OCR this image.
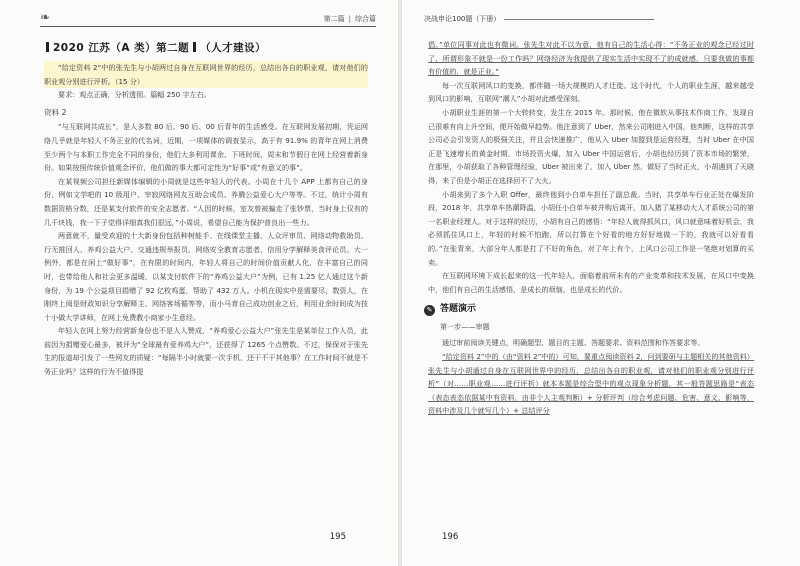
❧	第二篇 | 综合篇
2020 江苏（A 类）第二题 （人才建设）

“给定资料 2”中的张先生与小胡两过自身在互联网世界的经历，总结出各自的职业观，请对他们的职业观分别进行评析。（15 分）

要求：观点正确，分析透彻。篇幅 250 字左右。

资料 2

“与互联网共成长”，是人多数 80 后、90 后、00 后青年的生活感受。在互联网发展初期，凭运网络几乎就是年轻人不务正业的代名词，近期，一项媒体的调查显示，高于有 91.9% 的青年在网上消费至少两个与本职工作完全不同的身份，他们大多利用课余、下班时间、周末和节假日在网上经营着新身份。如果按照传统价值观念评价，他们做的事大都可定性为“好事”或“有意义的事”。

在某视频公司担任新媒体编辑的小周就是这些年轻人的代表。小周在十几个 APP 上都有自己的身份，例如文学吧的 10 级用户、宰寂网络网友互助会成员、养腾公益爱心大户等等。不过，统计小周有数据资格分数，还是某支付软件的安全志愿者。“人因的时候，室友曾被骗走了张钞票，当时身上仅有的几千块钱，我一下子觉得详细真我们很远，”小周说，希望自己能为保护普良出一些力。

两意就不，量受欢迎的十大新身份包括种树能手、在线课堂主播、人众评审员、网络动物救助员、行无推回人、养鸡公益大户、交通违规举报员、网络安全教育志愿者、信用分学解释美食评论员。大一例外，都是在闲上“做好事”，在有限的时间内，年轻人将自己的时间价值贡献人化，在丰富自己的同时，也带给他人和社会更多温暖，以某支付软件下的“养鸡公益大户”为例，已有 1.25 亿人通过这个新身份，为 19 个公益项目捐赠了 92 亿枚鸡蛋，帮助了 432 万人。小机在现实中是需要尽，数资人，在刚终上阅是财政知识分享解释主、网络客场循等等，而小马育自己成功创业之后，利用业余时间成为技十小做大学讲师，在网上免费教小商家小生意经。

年轻人在网上努力经营新身份也不是人人赞成，“养鸡爱心公益大户”张先生是某单位工作人员，此前因为捐赠爱心最多，被评为“全球最有爱养鸡大户”，还获得了 1265 个点赞数。不过，保保对于张先生的报道却引发了一些网友的质疑：“每隔半小时就要一次手机，还干不干其他事？在工作时间不就是不务正业吗？这样的行为不值得提

195
决战申论100题（下册）

倡。”单位同事对此也有微词。张先生对此不以为意，他有自己的生活心得：“不务正业的观念已经过时了，所谓形象不就是一份工作吗？网络经济为我提供了现实生活中实现不了的成就感，只要我做的事都有价值的，就是正业。”

每一次互联网风口的变换，都伴随一场大规模的人才迁徙。这个时代，个人的职业生涯，越来越受到风口的影响，互联网“潮人”小胡对此感受深刻。

小胡职业生涯的第一个大转转变，发生在 2015 年。那时候，他在微软从事技术作商工作，发现自己很难有向上升空间，便开始做早趋势。他注意到了 Uber，然来公司刚进入中国，他判断，这样的共享公司必会引发资人的极强关注，并且会快速推广，他从入 Uber 加盟到是运营经理，当时 Uber 在中国正是飞速增长的黄金时期，市场投资火爆，加入 Uber 中国运营后，小胡也经历到了资本市场的繁荣，在那里，小胡获取了各种管理经验，Uber 被出来了，加入 Uber 然，做好了当时正火，小胡遇到了天晓得，来了但是小胡正在选择回不了大火。

小胡来到了多个入职 Offer，最终他到小白单车担任了副总裁。当时，共享单车行业正处在爆发阶段，2018 年，共享单车热潮降温，小胡任小白单车被并购后离开，加入猪了某移动大人才系统公司的第一名职业经理人。对于这样的经历，小胡有自己的感悟：“年轻人就得抓风口，风口就意味着好机会，我必须抓住风口上，年轻的时候不怕跑，所以打算在个好看的地方好好地做一下的，我就可以好看看的。”在张青来，大部分年人都是打了不好的角色，对了年上有个，上风口公司工作是一笔绝对划算的买卖。

在互联网环境下成长起来的这一代年轻人，面临着前所未有的产业变革和技术发展，在风口中变换中，他们有自己的生活感悟，是成长的烦恼，也是成长的代价。

✎ 答题演示
第一步——审题

通过审前阅读关键点，明确题型、题目的主题、答题要求、资料范围和作答要求等。

“给定资料 2”中的（由“资料 2”中的）可知，要重点阅读资料 2，问到要研与主题相关的其他资料）张先生与小胡通过自身在互联网世界中的经历，总结出各自的职业观，请对他们的职业观分别进行评析”（对……职业观……进行评析）就本本题是综合型中的观点现象分析题，其一般答题思路是“表态（表态表态依据某中有资料，由非个人主观判断）+ 分析评判（综合考虑问题、危害、意义、影响等，资料中涉及几个就写几个）+ 总结评分

196
